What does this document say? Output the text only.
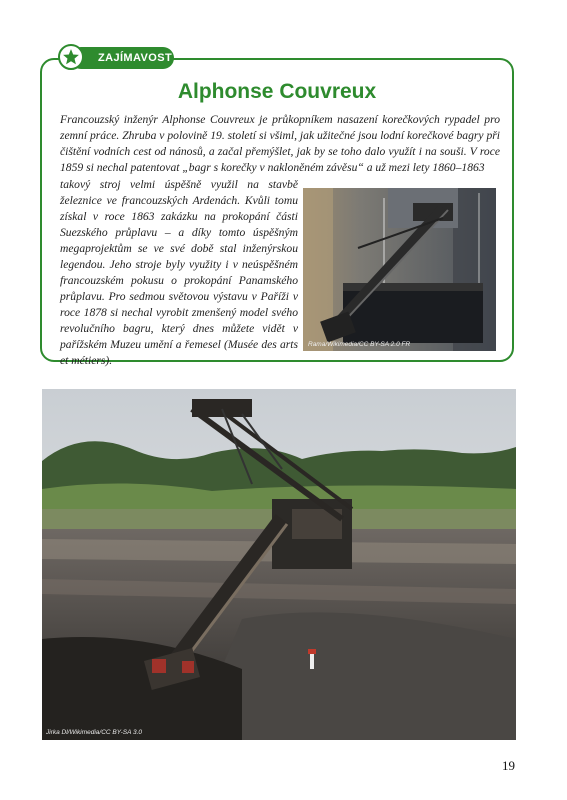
ZAJÍMAVOST
Alphonse Couvreux
Francouzský inženýr Alphonse Couvreux je průkopníkem nasazení korečkových rypadel pro zemní práce. Zhruba v polovině 19. století si všiml, jak užitečné jsou lodní korečkové bagry při čištění vodních cest od nánosů, a začal přemýšlet, jak by se toho dalo využít i na souši. V roce 1859 si nechal patentovat „bagr s korečky v nakloněném závěsu“ a už mezi lety 1860–1863
takový stroj velmi úspěšně využil na stavbě železnice ve francouzských Ardenách. Kvůli tomu získal v roce 1863 zakázku na prokopání části Suezského průplavu – a díky tomto úspěšným megaprojektům se ve své době stal inženýrskou legendou. Jeho stroje byly využity i v neúspěšném francouzském pokusu o prokopání Panamského průplavu. Pro sedmou světovou výstavu v Paříži v roce 1878 si nechal vyrobit zmenšený model svého revolučního bagru, který dnes můžete vidět v pařížském Muzeu umění a řemesel (Musée des arts et métiers).
Rama/Wikimedia/CC BY-SA 2.0 FR
Jirka Dl/Wikimedia/CC BY-SA 3.0
19
